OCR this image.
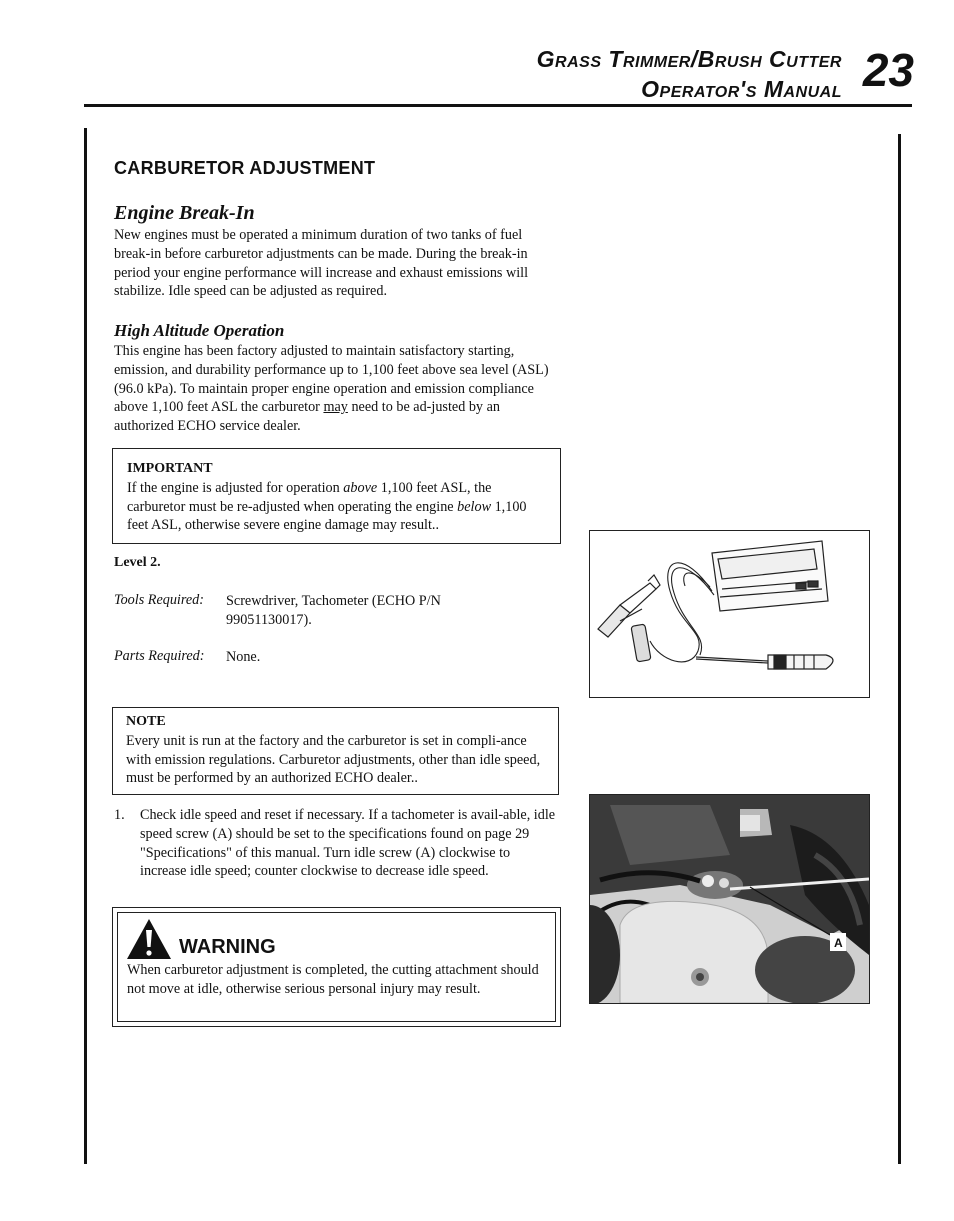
Grass Trimmer/Brush Cutter
Operator's Manual 23
CARBURETOR ADJUSTMENT
Engine Break-In
New engines must be operated a minimum duration of two tanks of fuel break-in before carburetor adjustments can be made. During the break-in period your engine performance will increase and exhaust emissions will stabilize. Idle speed can be adjusted as required.
High Altitude Operation
This engine has been factory adjusted to maintain satisfactory starting, emission, and durability performance up to 1,100 feet above sea level (ASL) (96.0 kPa). To maintain proper engine operation and emission compliance above 1,100 feet ASL the carburetor may need to be ad-justed by an authorized ECHO service dealer.
IMPORTANT
If the engine is adjusted for operation above 1,100 feet ASL, the carburetor must be re-adjusted when operating the engine below 1,100 feet ASL, otherwise severe engine damage may result..
Level 2.
Tools Required: Screwdriver, Tachometer (ECHO P/N 99051130017).
Parts Required: None.
NOTE
Every unit is run at the factory and the carburetor is set in compli-ance with emission regulations. Carburetor adjustments, other than idle speed, must be performed by an authorized ECHO dealer..
1. Check idle speed and reset if necessary. If a tachometer is avail-able, idle speed screw (A) should be set to the specifications found on page 29 "Specifications" of this manual. Turn idle screw (A) clockwise to increase idle speed; counter clockwise to decrease idle speed.
WARNING
When carburetor adjustment is completed, the cutting attachment should not move at idle, otherwise serious personal injury may result.
A
